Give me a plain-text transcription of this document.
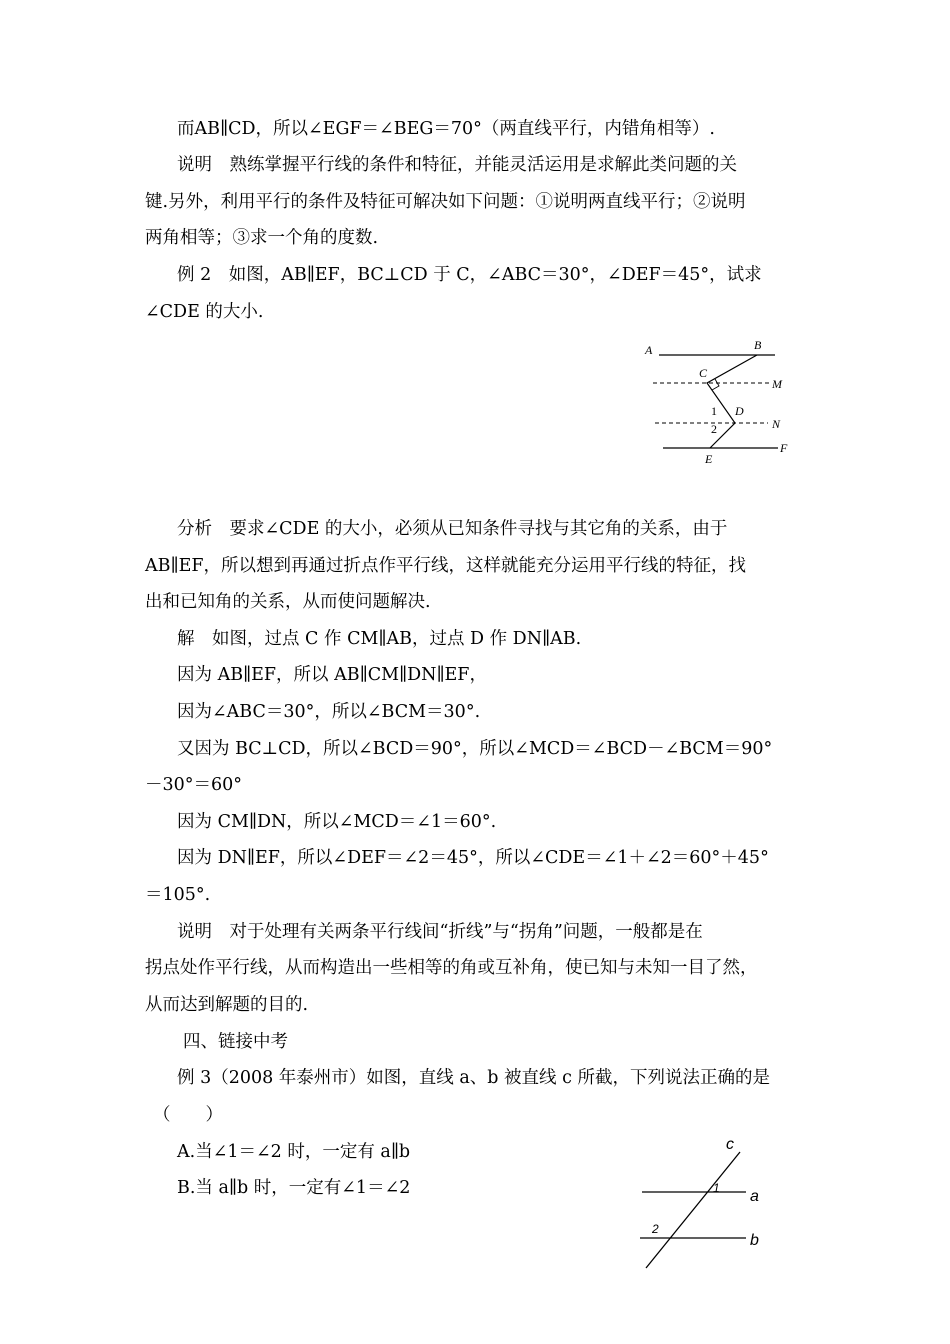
而AB∥CD，所以∠EGF＝∠BEG＝70°（两直线平行，内错角相等）.
说明　熟练掌握平行线的条件和特征，并能灵活运用是求解此类问题的关
键.另外，利用平行的条件及特征可解决如下问题：①说明两直线平行；②说明
两角相等；③求一个角的度数.
例 2　如图，AB∥EF，BC⊥CD 于 C，∠ABC＝30°，∠DEF＝45°，试求
∠CDE 的大小.
A	B
C
M
D
N
E
F
1
2
分析　要求∠CDE 的大小，必须从已知条件寻找与其它角的关系，由于
AB∥EF，所以想到再通过折点作平行线，这样就能充分运用平行线的特征，找
出和已知角的关系，从而使问题解决.
解　如图，过点 C 作 CM∥AB，过点 D 作 DN∥AB.
因为 AB∥EF，所以 AB∥CM∥DN∥EF，
因为∠ABC＝30°，所以∠BCM＝30°.
又因为 BC⊥CD，所以∠BCD＝90°，所以∠MCD＝∠BCD－∠BCM＝90°
－30°＝60°
因为 CM∥DN，所以∠MCD＝∠1＝60°.
因为 DN∥EF，所以∠DEF＝∠2＝45°，所以∠CDE＝∠1＋∠2＝60°＋45°
＝105°.
说明　对于处理有关两条平行线间“折线”与“拐角”问题，一般都是在
拐点处作平行线，从而构造出一些相等的角或互补角，使已知与未知一目了然，
从而达到解题的目的.
四、链接中考
例 3（2008 年泰州市）如图，直线 a、b 被直线 c 所截，下列说法正确的是
（　　）
A.当∠1＝∠2 时，一定有 a∥b
B.当 a∥b 时，一定有∠1＝∠2
c
a
b
1
2
